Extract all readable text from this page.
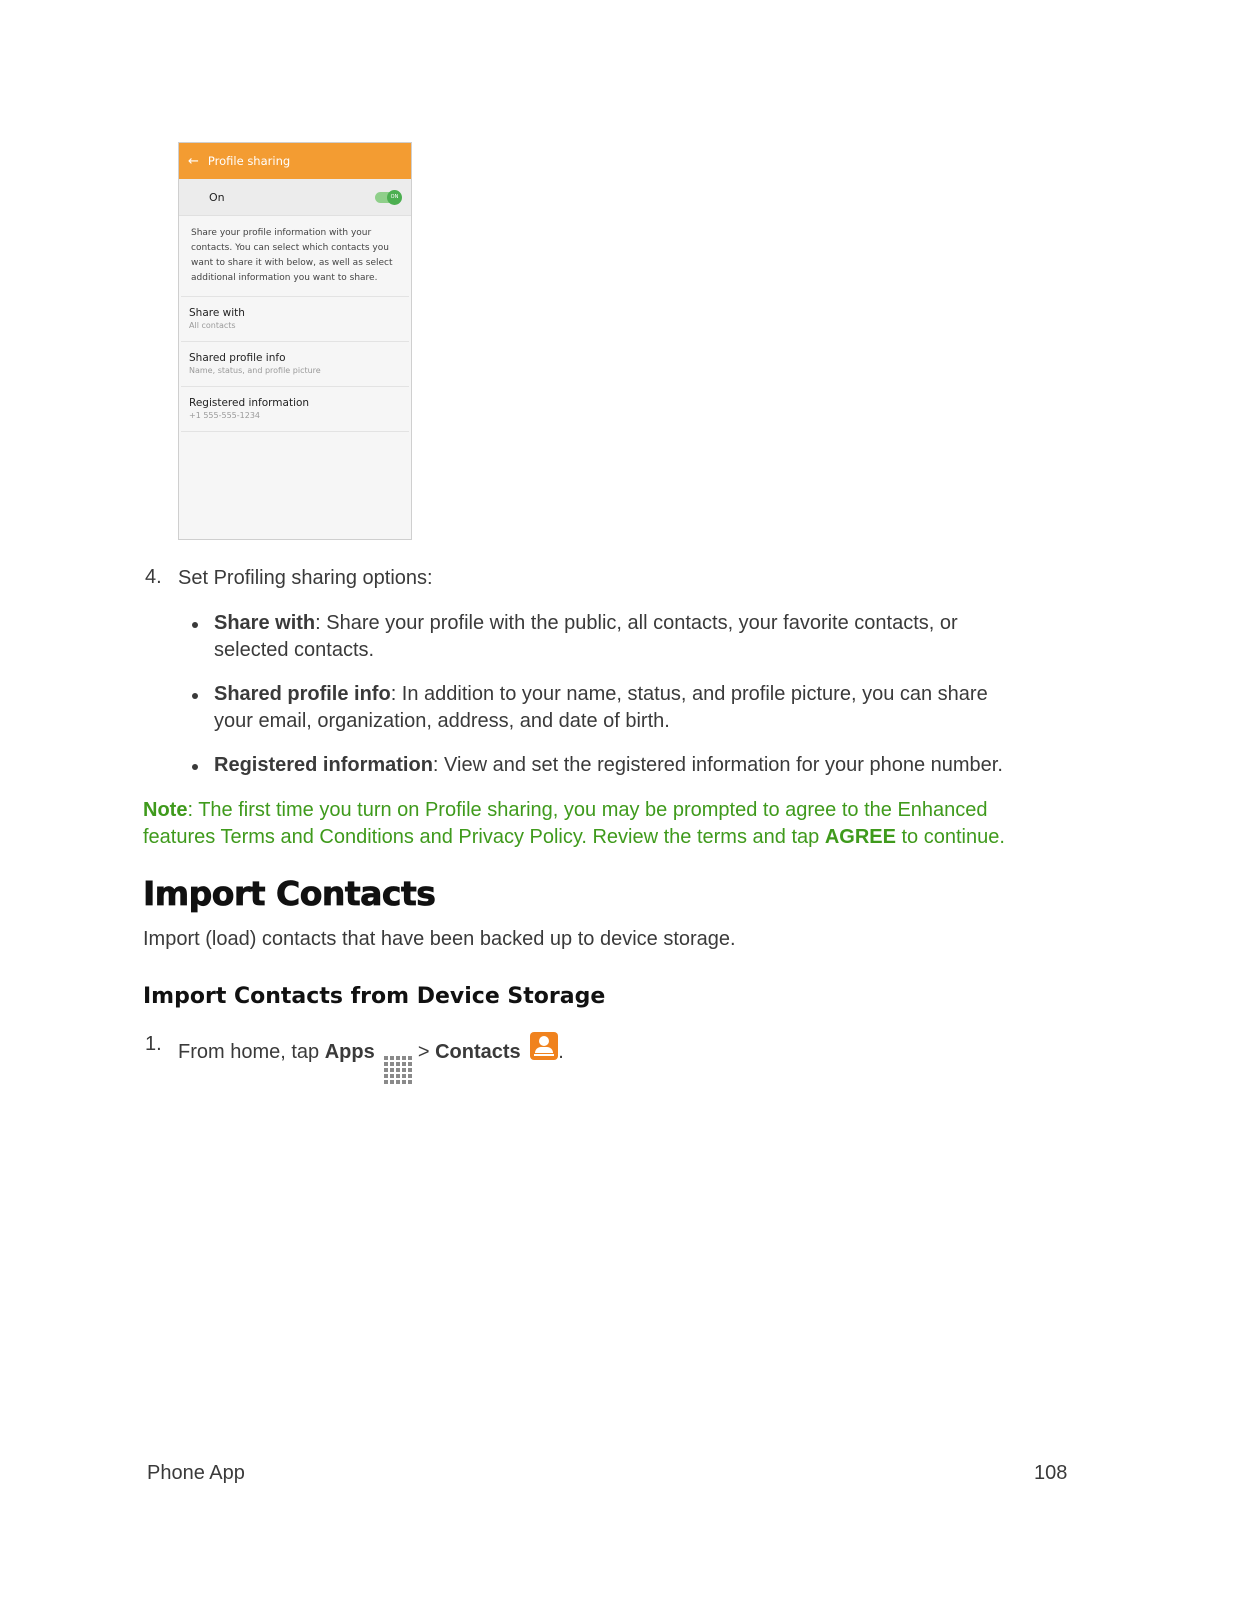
← Profile sharing
On	ON
Share your profile information with your contacts. You can select which contacts you want to share it with below, as well as select additional information you want to share.
Share with
All contacts
Shared profile info
Name, status, and profile picture
Registered information
+1 555-555-1234
4. Set Profiling sharing options:
Share with: Share your profile with the public, all contacts, your favorite contacts, or
selected contacts.
Shared profile info: In addition to your name, status, and profile picture, you can share
your email, organization, address, and date of birth.
Registered information: View and set the registered information for your phone number.
Note: The first time you turn on Profile sharing, you may be prompted to agree to the Enhanced
features Terms and Conditions and Privacy Policy. Review the terms and tap AGREE to continue.
Import Contacts
Import (load) contacts that have been backed up to device storage.
Import Contacts from Device Storage
1. From home, tap Apps
> Contacts .
Phone App	108
